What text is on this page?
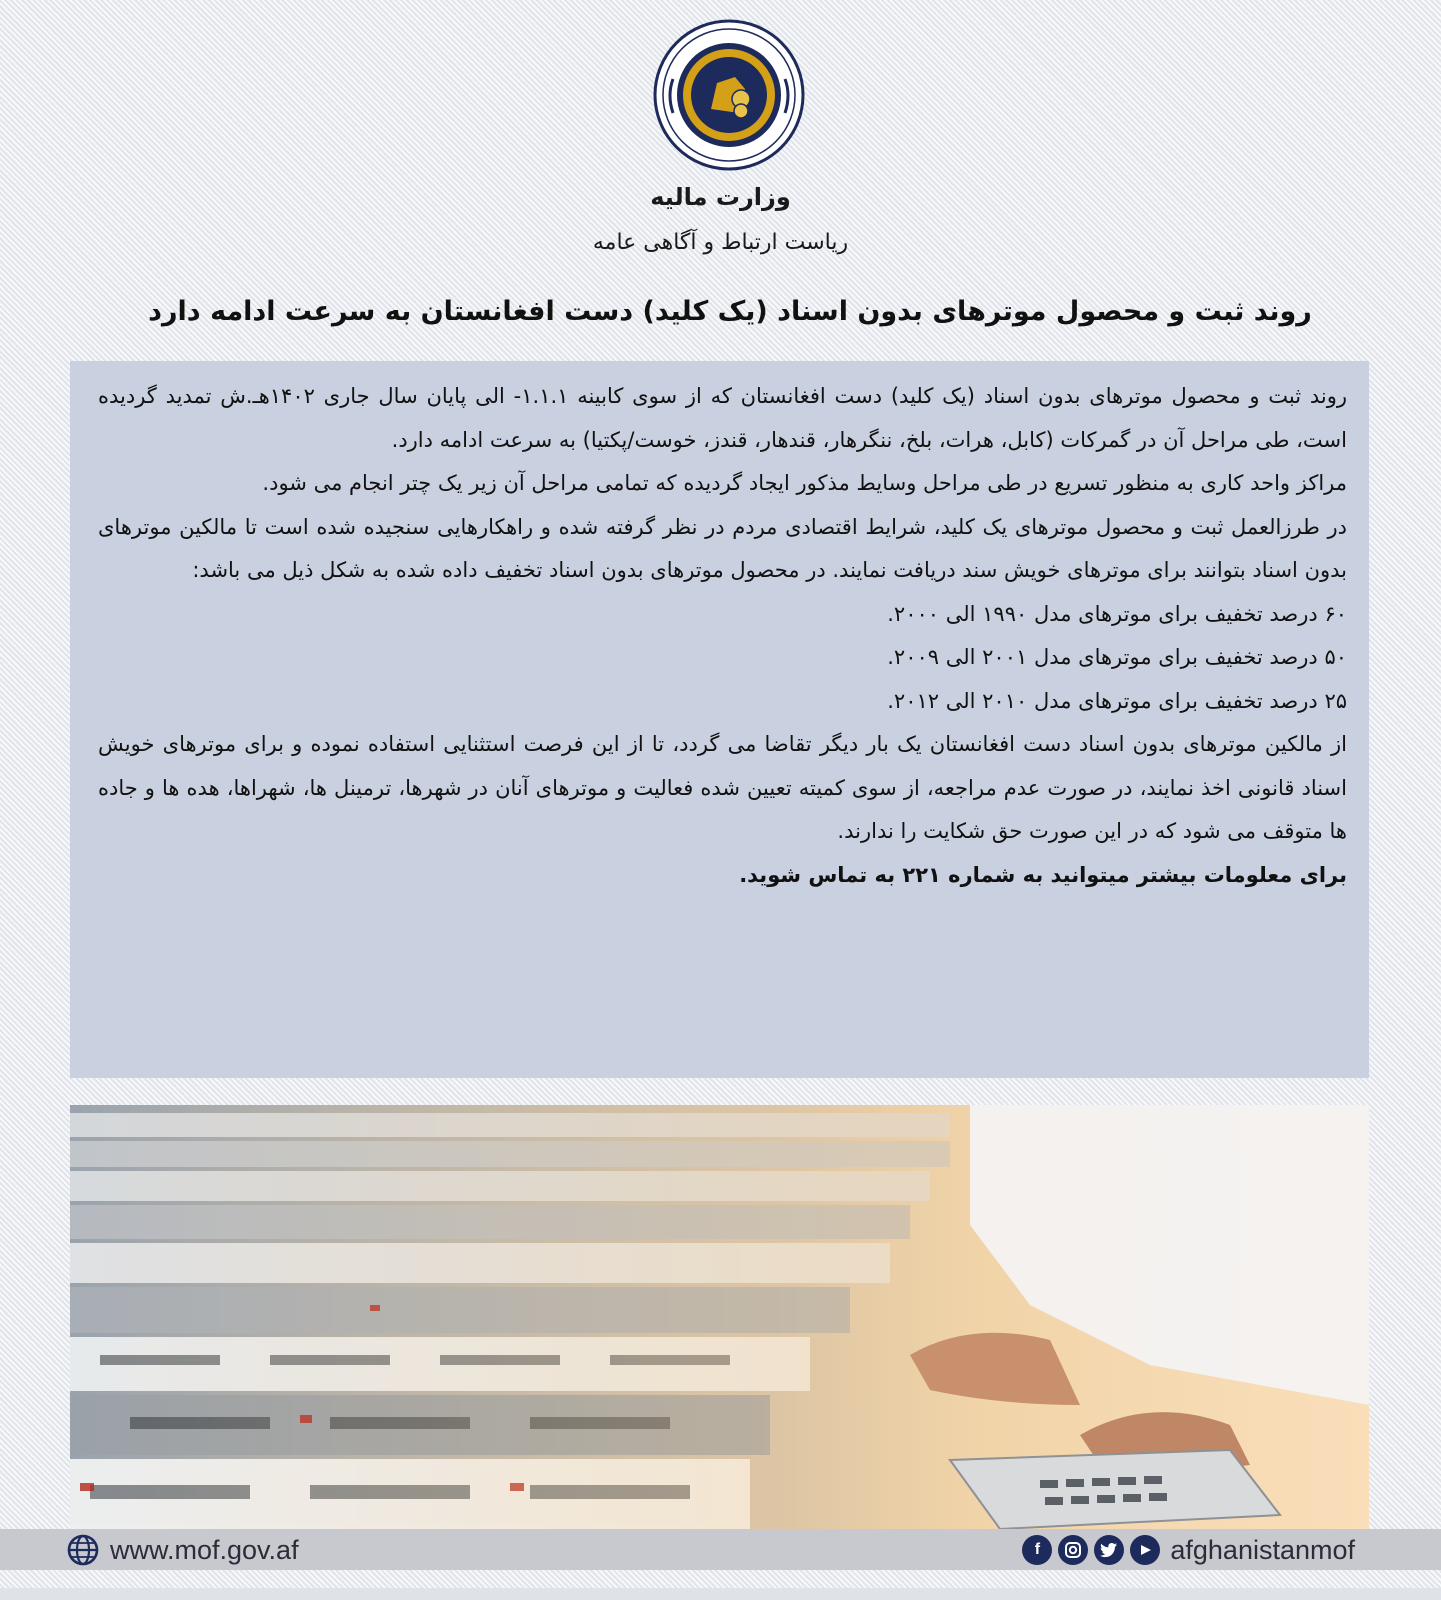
وزارت مالیه
ریاست ارتباط و آگاهی عامه
روند ثبت و محصول موترهای بدون اسناد (یک کلید) دست افغانستان به سرعت ادامه دارد

روند ثبت و محصول موترهای بدون اسناد (یک کلید) دست افغانستان که از سوی کابینه ۱.۱.۱- الی پایان سال جاری ۱۴۰۲هـ.ش تمدید گردیده است، طی مراحل آن در گمرکات (کابل، هرات، بلخ، ننگرهار، قندهار، قندز، خوست/پکتیا) به سرعت ادامه دارد.

مراکز واحد کاری به منظور تسریع در طی مراحل وسایط مذکور ایجاد گردیده که تمامی مراحل آن زیر یک چتر انجام می شود.

در طرزالعمل ثبت و محصول موترهای یک کلید، شرایط اقتصادی مردم در نظر گرفته شده و راهکارهایی سنجیده شده است تا مالکین موترهای بدون اسناد بتوانند برای موترهای خویش سند دریافت نمایند. در محصول موترهای بدون اسناد تخفیف داده شده به شکل ذیل می باشد:

۶۰ درصد تخفیف برای موترهای مدل ۱۹۹۰ الی ۲۰۰۰.

۵۰ درصد تخفیف برای موترهای مدل ۲۰۰۱ الی ۲۰۰۹.

۲۵ درصد تخفیف برای موترهای مدل ۲۰۱۰ الی ۲۰۱۲.

از مالکین موترهای بدون اسناد دست افغانستان یک بار دیگر تقاضا می گردد، تا از این فرصت استثنایی استفاده نموده و برای موترهای خویش اسناد قانونی اخذ نمایند، در صورت عدم مراجعه، از سوی کمیته تعیین شده فعالیت و موترهای آنان در شهرها، ترمینل ها، شهراها، هده ها و جاده ها متوقف می شود که در این صورت حق شکایت را ندارند.

برای معلومات بیشتر میتوانید به شماره ۲۲۱ به تماس شوید.

www.mof.gov.af	f	afghanistanmof
